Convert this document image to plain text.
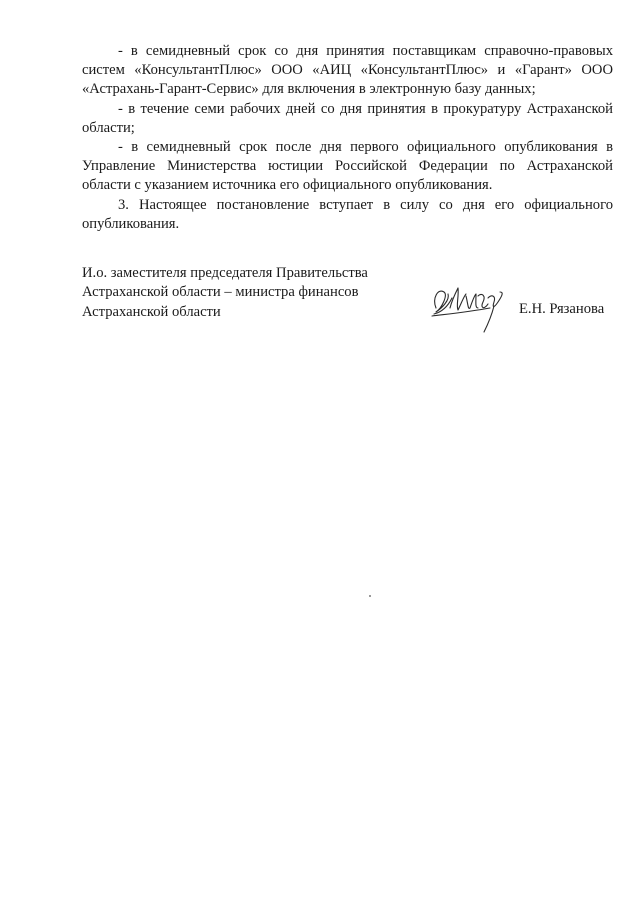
- в семидневный срок со дня принятия поставщикам справочно-правовых систем «КонсультантПлюс» ООО «АИЦ «КонсультантПлюс» и «Гарант» ООО «Астрахань-Гарант-Сервис» для включения в электронную базу данных;

- в течение семи рабочих дней со дня принятия в прокуратуру Астраханской области;

- в семидневный срок после дня первого официального опубликования в Управление Министерства юстиции Российской Федерации по Астраханской области с указанием источника его официального опубликования.

3. Настоящее постановление вступает в силу со дня его официального опубликования.

И.о. заместителя председателя Правительства
Астраханской области – министра финансов
Астраханской области	Е.Н. Рязанова
